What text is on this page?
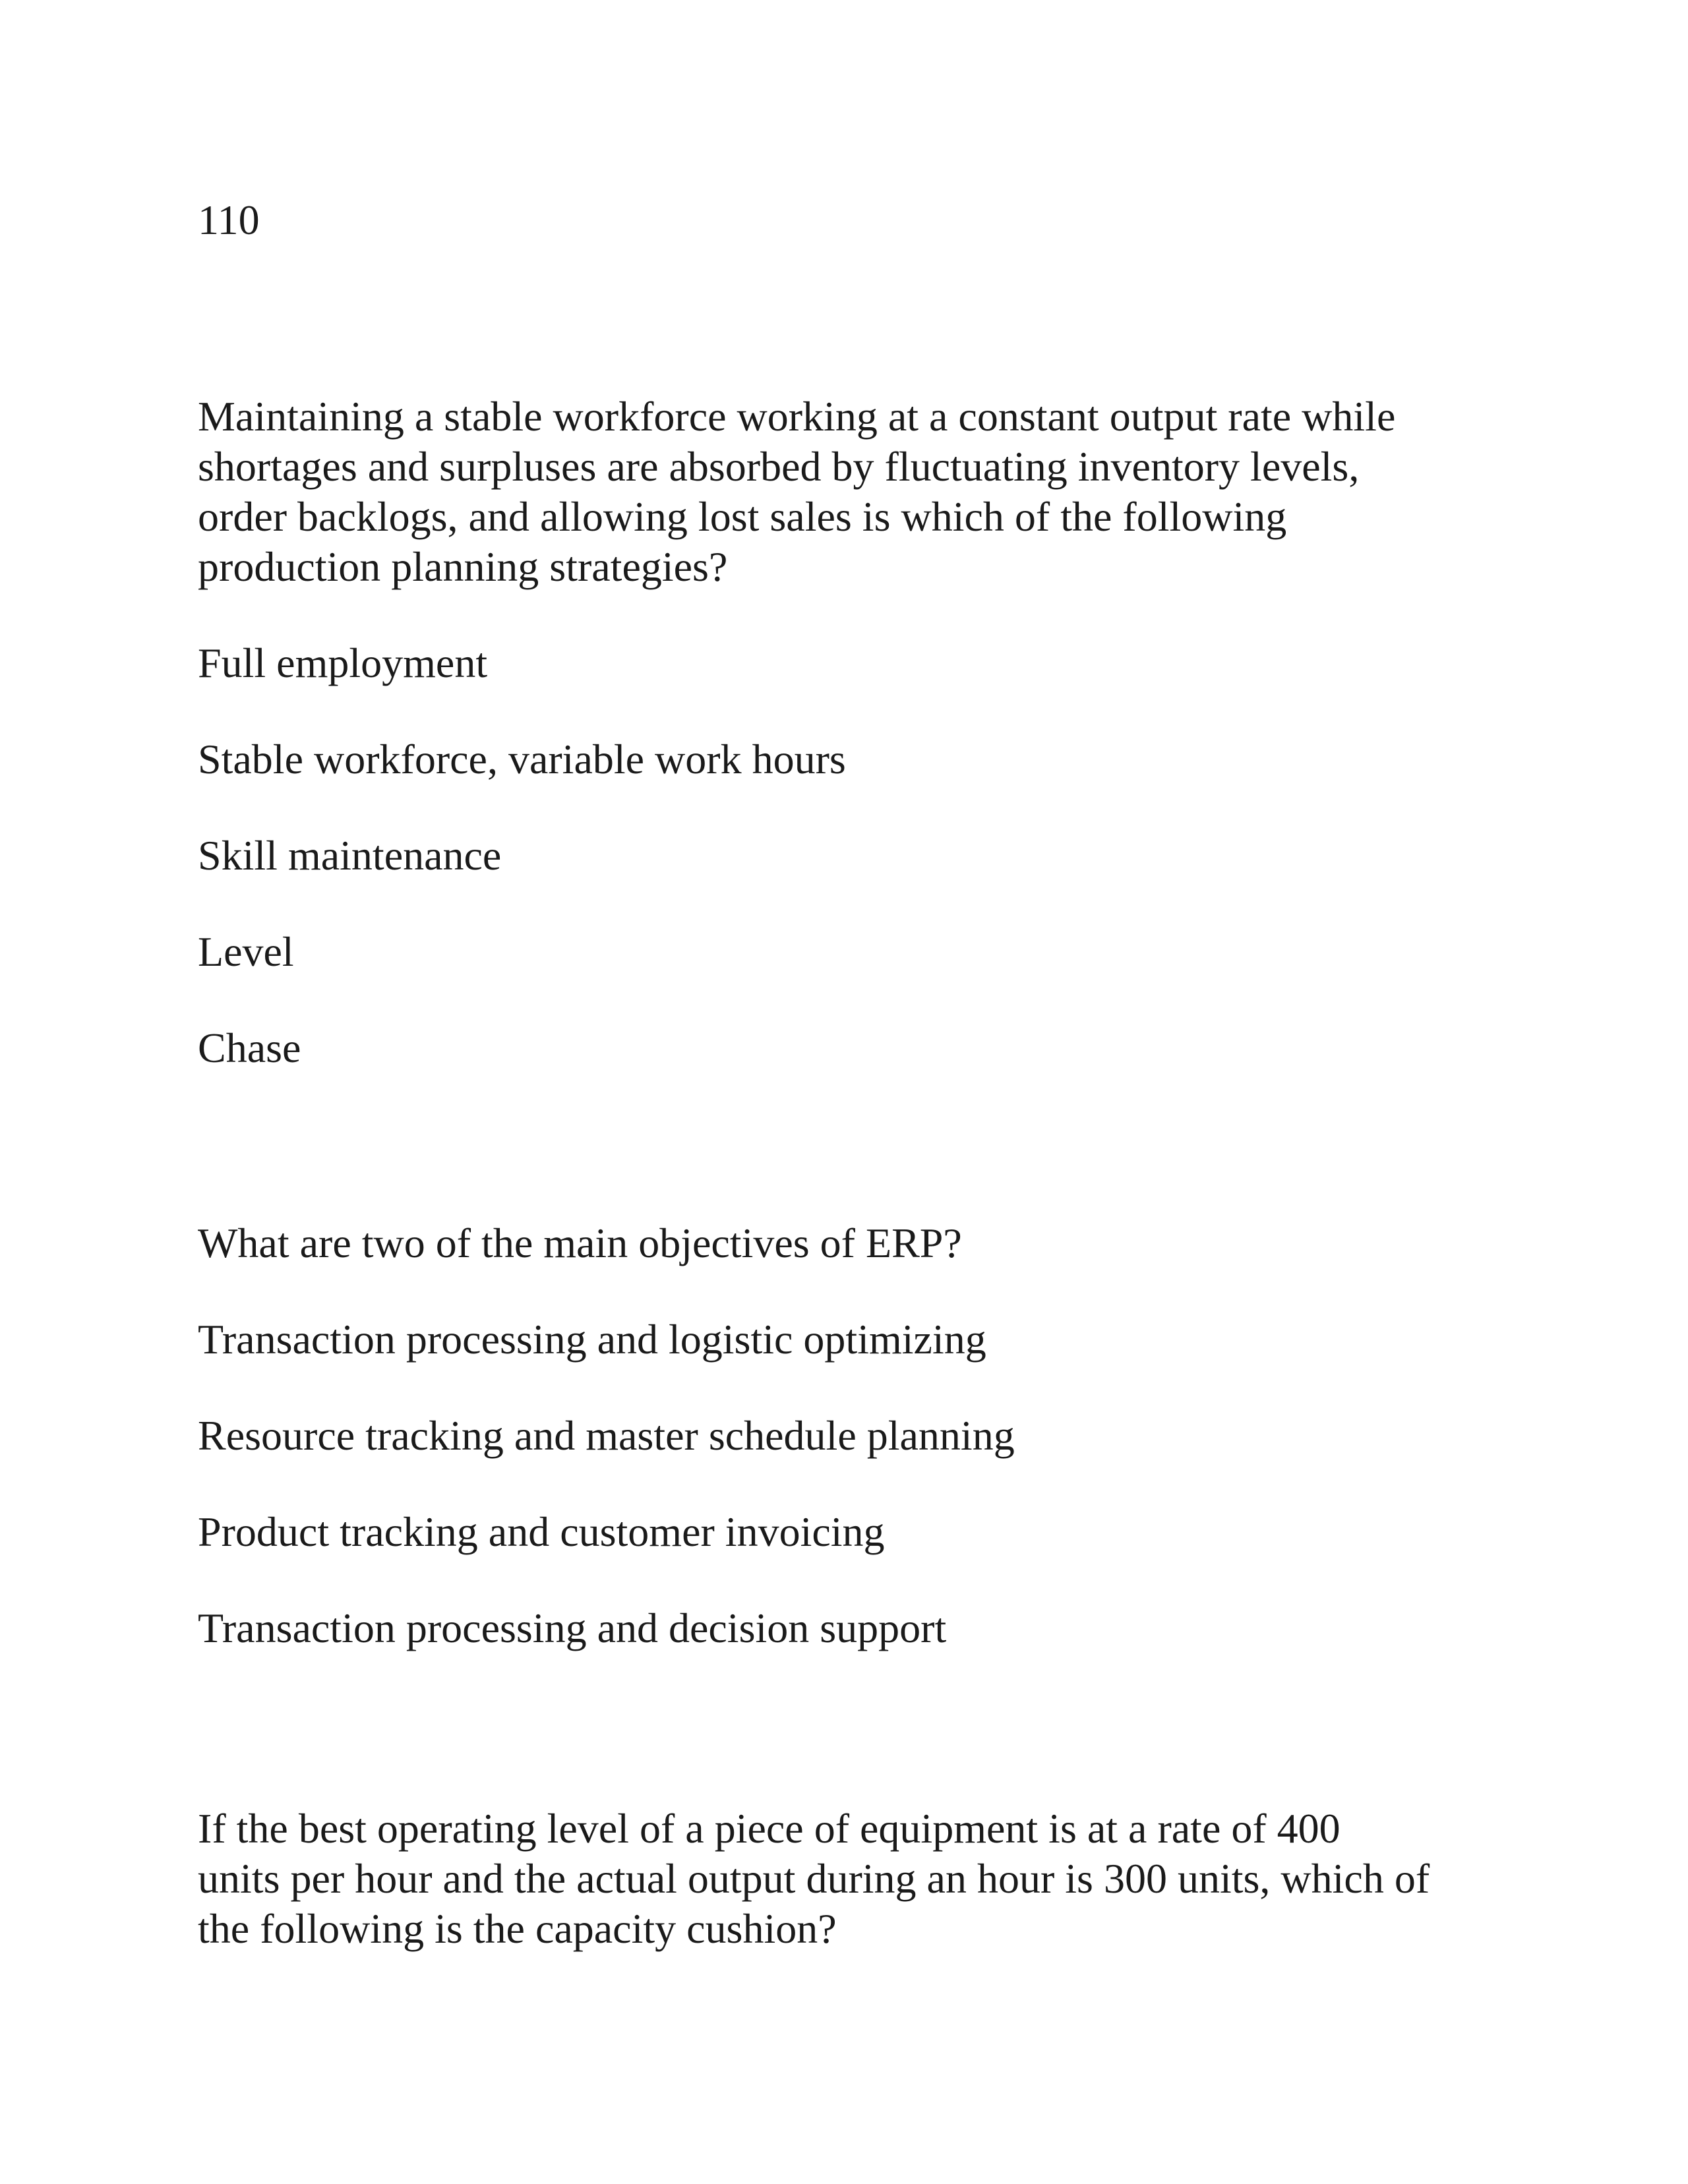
110

Maintaining a stable workforce working at a constant output rate while
shortages and surpluses are absorbed by fluctuating inventory levels,
order backlogs, and allowing lost sales is which of the following
production planning strategies?

Full employment
Stable workforce, variable work hours
Skill maintenance
Level
Chase

What are two of the main objectives of ERP?

Transaction processing and logistic optimizing
Resource tracking and master schedule planning
Product tracking and customer invoicing
Transaction processing and decision support

If the best operating level of a piece of equipment is at a rate of 400
units per hour and the actual output during an hour is 300 units, which of
the following is the capacity cushion?
